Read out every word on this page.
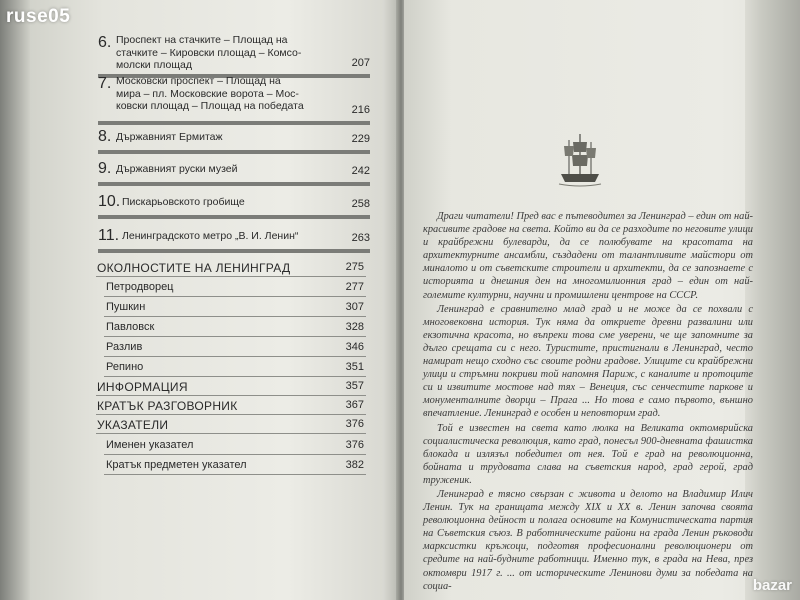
ruse05
6. Проспект на стачките – Площад на
стачките – Кировски площад – Комсо-
молски площад	207
7. Московски проспект – Площад на
мира – пл. Московские ворота – Мос-
ковски площад – Площад на победата	216
8. Държавният Ермитаж	229
9. Държавният руски музей	242
10. Пискарьовското гробище	258
11. Ленинградското метро „В. И. Ленин“	263
ОКОЛНОСТИТЕ НА ЛЕНИНГРАД	275
Петродворец	277
Пушкин	307
Павловск	328
Разлив	346
Репино	351
ИНФОРМАЦИЯ	357
КРАТЪК РАЗГОВОРНИК	367
УКАЗАТЕЛИ	376
Именен указател	376
Кратък предметен указател	382

Драги читатели! Пред вас е пътеводител за Ленинград – един от най-красивите градове на света. Който ви да се разходите по неговите улици и крайбрежни булеварди, да се полюбувате на красотата на архитектурните ансамбли, създадени от талантливите майстори от миналото и от съветските строители и архитекти, да се запознаете с историята и днешния ден на многомилионния град – един от най-големите културни, научни и промишлени центрове на СССР.

Ленинград е сравнително млад град и не може да се похвали с многовековна история. Тук няма да откриете древни развалини или екзотична красота, но въпреки това сме уверени, че ще запомните за дълго срещата си с него. Туристите, пристигнали в Ленинград, често намират нещо сходно със своите родни градове. Улиците си крайбрежни улици и стръмни покриви той напомня Париж, с каналите и протоците си и извитите мостове над тях – Венеция, със сенчестите паркове и монументалните дворци – Прага ... Но това е само първото, външно впечатление. Ленинград е особен и неповторим град.

Той е известен на света като люлка на Великата октомврийска социалистическа революция, като град, понесъл 900-дневната фашистка блокада и излязъл победител от нея. Той е град на революционна, бойната и трудовата слава на съветския народ, град герой, град труженик.

Ленинград е тясно свързан с живота и делото на Владимир Илич Ленин. Тук на границата между XIX и XX в. Ленин започва своята революционна дейност и полага основите на Комунистическата партия на Съветския съюз. В работническите райони на града Ленин ръководи марксистки кръжоци, подготвя професионални революционери от средите на най-будните работници. Именно тук, в града на Нева, през октомври 1917 г. ... от историческите Ленинови думи за победата на социа-	bazar
